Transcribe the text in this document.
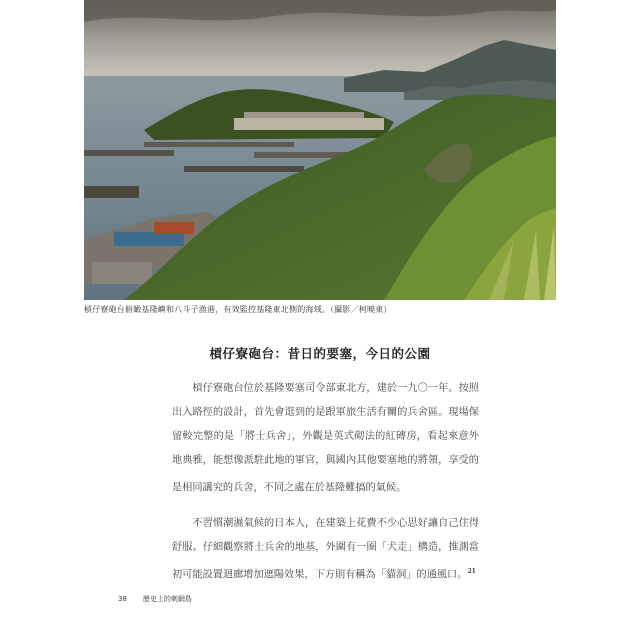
槓仔寮砲台俯瞰基隆嶼和八斗子漁港，有效監控基隆東北側的海域。（攝影／柯曉東）
槓仔寮砲台：昔日的要塞，今日的公園

槓仔寮砲台位於基隆要塞司令部東北方，建於一九〇一年。按照出入路徑的設計，首先會逛到的是跟軍旅生活有關的兵舍區。現場保留較完整的是「將士兵舍」，外觀是英式砌法的紅磚房，看起來意外地典雅，能想像派駐此地的軍官，與國內其他要塞地的將領，享受的是相同講究的兵舍，不同之處在於基隆難搞的氣候。

不習慣潮濕氣候的日本人，在建築上花費不少心思好讓自己住得舒服。仔細觀察將士兵舍的地基，外圍有一圈「犬走」構造，推測當初可能設置迴廊增加遮陽效果，下方則有稱為「貓洞」的通風口。$^{21}$

38 歷史上的刺網島
